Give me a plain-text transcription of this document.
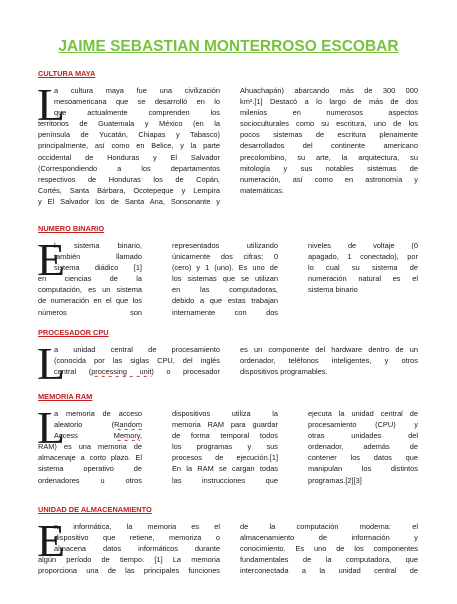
JAIME SEBASTIAN MONTERROSO ESCOBAR
CULTURA MAYA
L
a cultura maya fue una civilización
mesoamericana que se desarrolló en lo
que actualmente comprenden los
territorios de Guatemala y México (en la
península de Yucatán, Chiapas y Tabasco)
principalmente, así como en Belice, y la parte
occidental de Honduras y El Salvador
(Correspondiendo a los departamentos
respectivos de Honduras los de Copán,
Cortés, Santa Bárbara, Ocotepeque y Lempira
y El Salvador los de Santa Ana, Sonsonante y
Ahuachapán) abarcando más de 300 000
km².[1] Destacó a lo largo de más de dos
milenios en numerosos aspectos
socioculturales como su escritura, uno de los
pocos sistemas de escritura plenamente
desarrollados del continente americano
precolombino, su arte, la arquitectura, su
mitología y sus notables sistemas de
numeración, así como en astronomía y
matemáticas.
NUMERO BINARIO
E
l sistema binario,
también llamado
sistema diádico [1]
en ciencias de la
computación, es un sistema
de numeración en el que los
números son
representados utilizando
únicamente dos cifras: 0
(cero) y 1 (uno). Es uno de
los sistemas que se utilizan
en las computadoras,
debido a que estas trabajan
internamente con dos
niveles de voltaje (0
apagado, 1 conectado), por
lo cual su sistema de
numeración natural es el
sistema binario
PROCESADOR CPU
L
a unidad central de procesamiento
(conocida por las siglas CPU, del inglés
central (processing unit) o procesador
es un componente del hardware dentro de un
ordenador, teléfonos inteligentes, y otros
dispositivos programables.
MEMORIA RAM
L
a memoria de acceso
aleatorio (Random
Access Memory,
RAM) es una memoria de
almacenaje a corto plazo. El
sistema operativo de
ordenadores u otros
dispositivos utiliza la
memoria RAM para guardar
de forma temporal todos
los programas y sus
procesos de ejecución.[1]
En la RAM se cargan todas
las instrucciones que
ejecuta la unidad central de
procesamiento (CPU) y
otras unidades del
ordenador, además de
contener los datos que
manipulan los distintos
programas.[2][3]
UNIDAD DE ALMACENAMIENTO
E
n informática, la memoria es el
dispositivo que retiene, memoriza o
almacena datos informáticos durante
algún período de tiempo. [1] La memoria
proporciona una de las principales funciones
de la computación moderna: el
almacenamiento de información y
conocimiento. Es uno de los componentes
fundamentales de la computadora, que
interconectada a la unidad central de
